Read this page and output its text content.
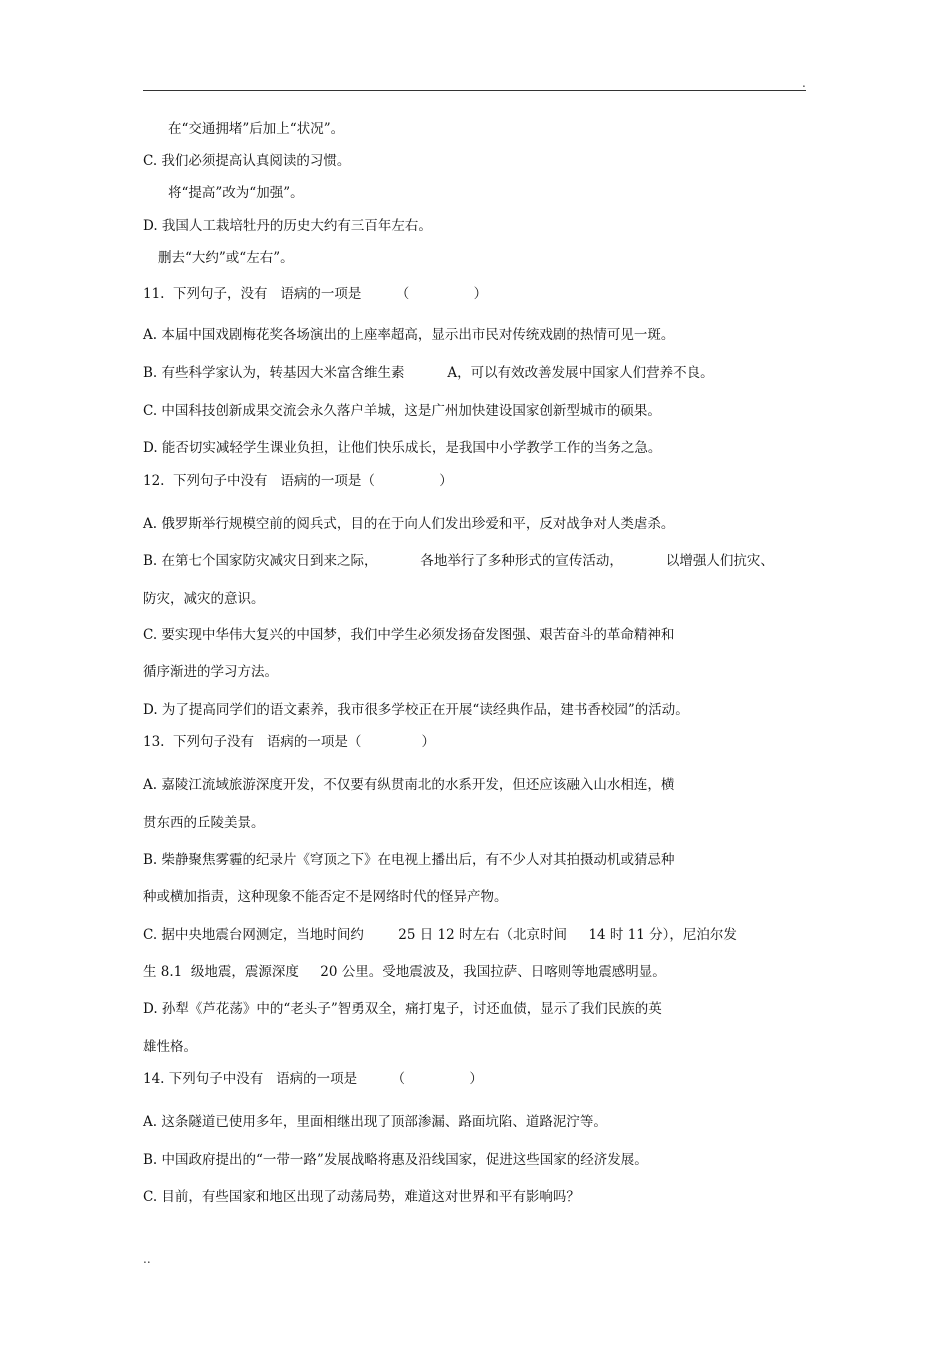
.
在“交通拥堵”后加上“状况”。
C. 我们必须提高认真阅读的习惯。
将“提高”改为“加强”。
D. 我国人工栽培牡丹的历史大约有三百年左右。
删去“大约”或“左右”。
11.  下列句子，没有   语病的一项是        （               ）
A. 本届中国戏剧梅花奖各场演出的上座率超高，显示出市民对传统戏剧的热情可见一斑。
B. 有些科学家认为，转基因大米富含维生素          A，可以有效改善发展中国家人们营养不良。
C. 中国科技创新成果交流会永久落户羊城，这是广州加快建设国家创新型城市的硕果。
D. 能否切实减轻学生课业负担，让他们快乐成长，是我国中小学教学工作的当务之急。
12.  下列句子中没有   语病的一项是（               ）
A. 俄罗斯举行规模空前的阅兵式，目的在于向人们发出珍爱和平，反对战争对人类虐杀。
B. 在第七个国家防灾减灾日到来之际，          各地举行了多种形式的宣传活动，          以增强人们抗灾、
防灾，减灾的意识。
C. 要实现中华伟大复兴的中国梦，我们中学生必须发扬奋发图强、艰苦奋斗的革命精神和
循序渐进的学习方法。
D. 为了提高同学们的语文素养，我市很多学校正在开展“读经典作品，建书香校园”的活动。
13.  下列句子没有   语病的一项是（              ）
A. 嘉陵江流域旅游深度开发，不仅要有纵贯南北的水系开发，但还应该融入山水相连，横
贯东西的丘陵美景。
B. 柴静聚焦雾霾的纪录片《穹顶之下》在电视上播出后，有不少人对其拍摄动机或猜忌种
种或横加指责，这种现象不能否定不是网络时代的怪异产物。
C. 据中央地震台网测定，当地时间约        25 日 12 时左右（北京时间     14 时 11 分），尼泊尔发
生 8.1  级地震，震源深度     20 公里。受地震波及，我国拉萨、日喀则等地震感明显。
D. 孙犁《芦花荡》中的“老头子”智勇双全，痛打鬼子，讨还血债，显示了我们民族的英
雄性格。
14. 下列句子中没有   语病的一项是        （               ）
A. 这条隧道已使用多年，里面相继出现了顶部渗漏、路面坑陷、道路泥泞等。
B. 中国政府提出的“一带一路”发展战略将惠及沿线国家，促进这些国家的经济发展。
C. 目前，有些国家和地区出现了动荡局势，难道这对世界和平有影响吗？
..
